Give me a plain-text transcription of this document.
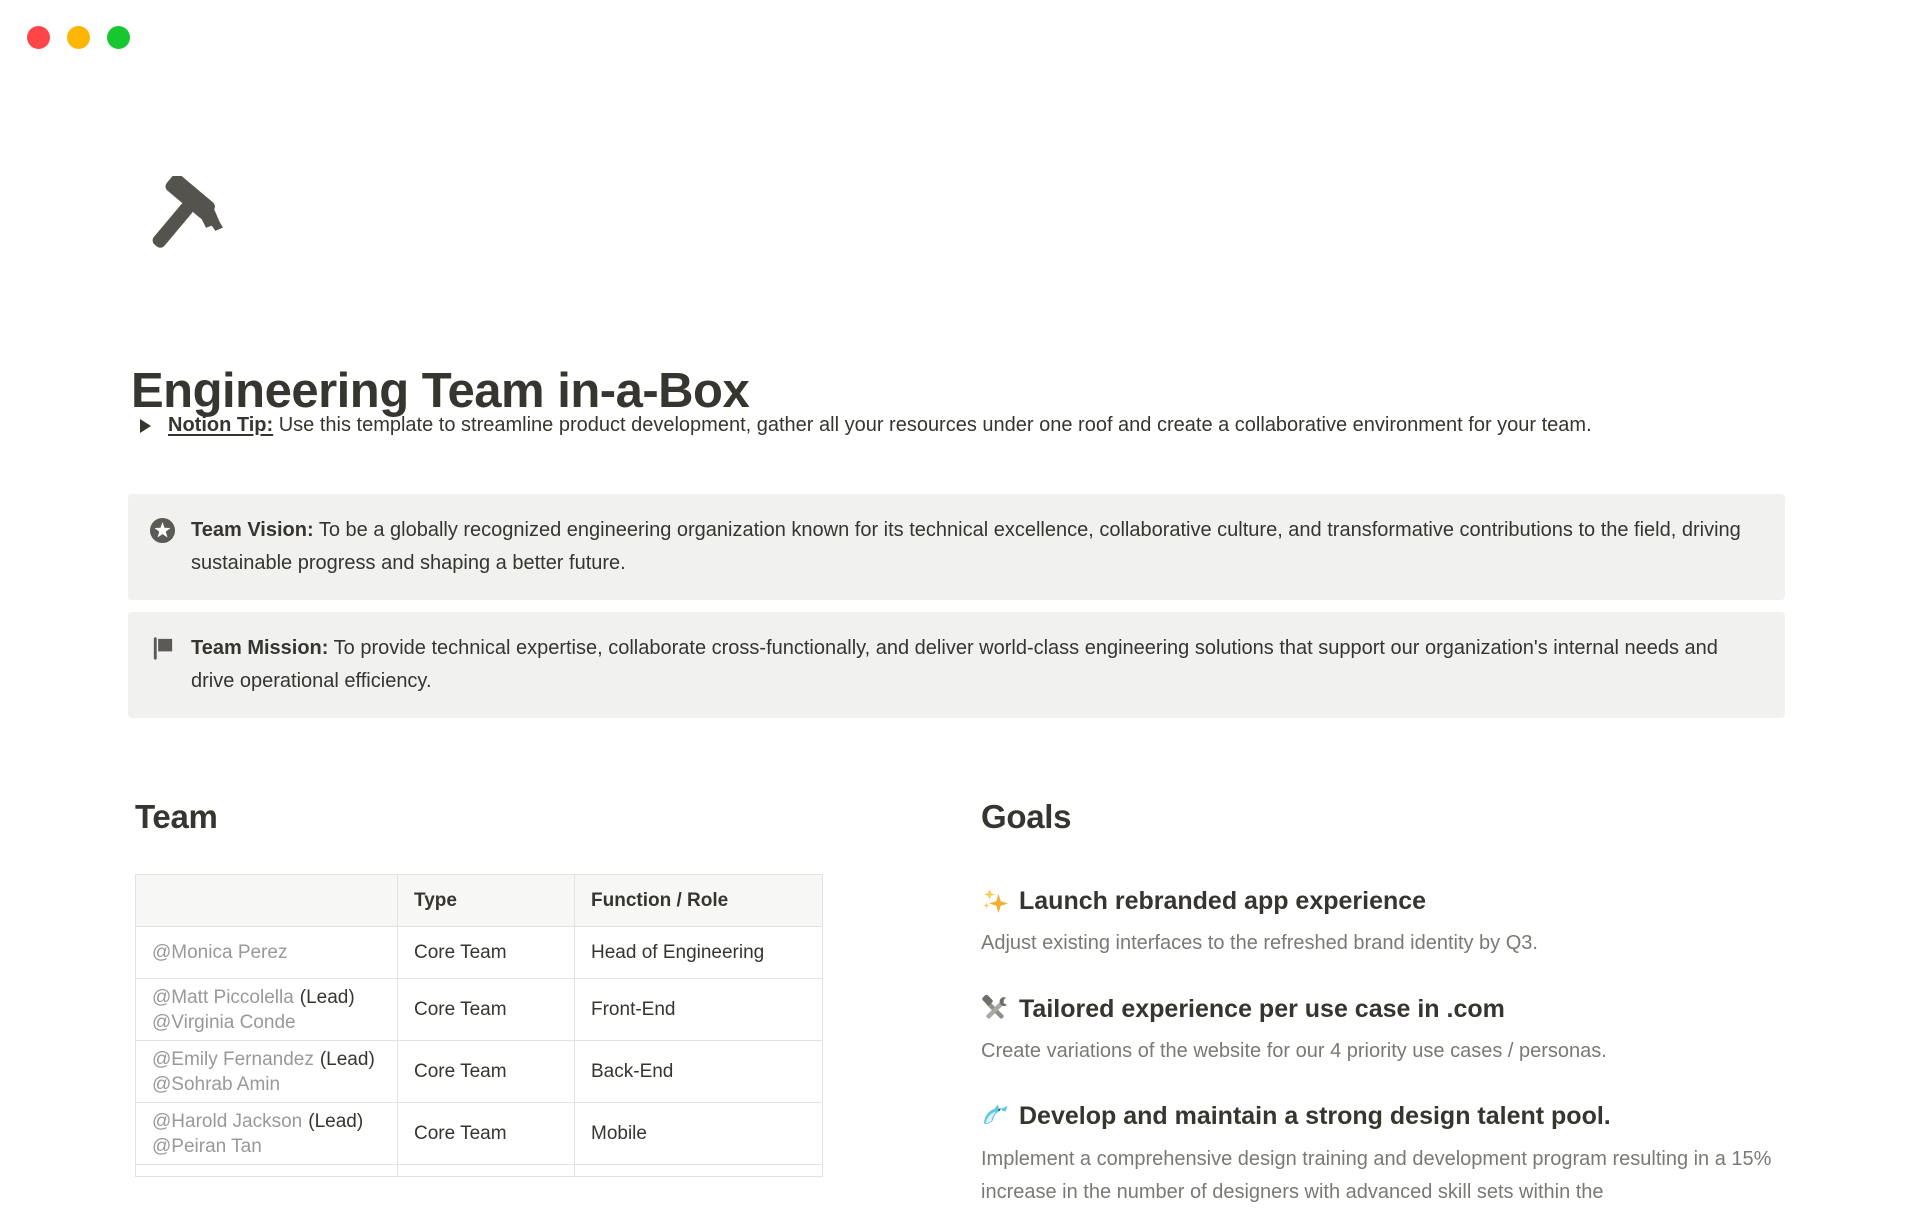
Engineering Team in-a-Box
Notion Tip: Use this template to streamline product development, gather all your resources under one roof and create a collaborative environment for your team.
Team Vision: To be a globally recognized engineering organization known for its technical excellence, collaborative culture, and transformative contributions to the field, driving sustainable progress and shaping a better future.
Team Mission: To provide technical expertise, collaborate cross-functionally, and deliver world-class engineering solutions that support our organization's internal needs and drive operational efficiency.
Team
	Type	Function / Role

@Monica Perez	Core Team	Head of Engineering

@Matt Piccolella (Lead)
@Virginia Conde	Core Team	Front-End

@Emily Fernandez (Lead)
@Sohrab Amin	Core Team	Back-End

@Harold Jackson (Lead)
@Peiran Tan	Core Team	Mobile

Goals
Launch rebranded app experience

Adjust existing interfaces to the refreshed brand identity by Q3.

Tailored experience per use case in .com

Create variations of the website for our 4 priority use cases / personas.

Develop and maintain a strong design talent pool.

Implement a comprehensive design training and development program resulting in a 15% increase in the number of designers with advanced skill sets within the
